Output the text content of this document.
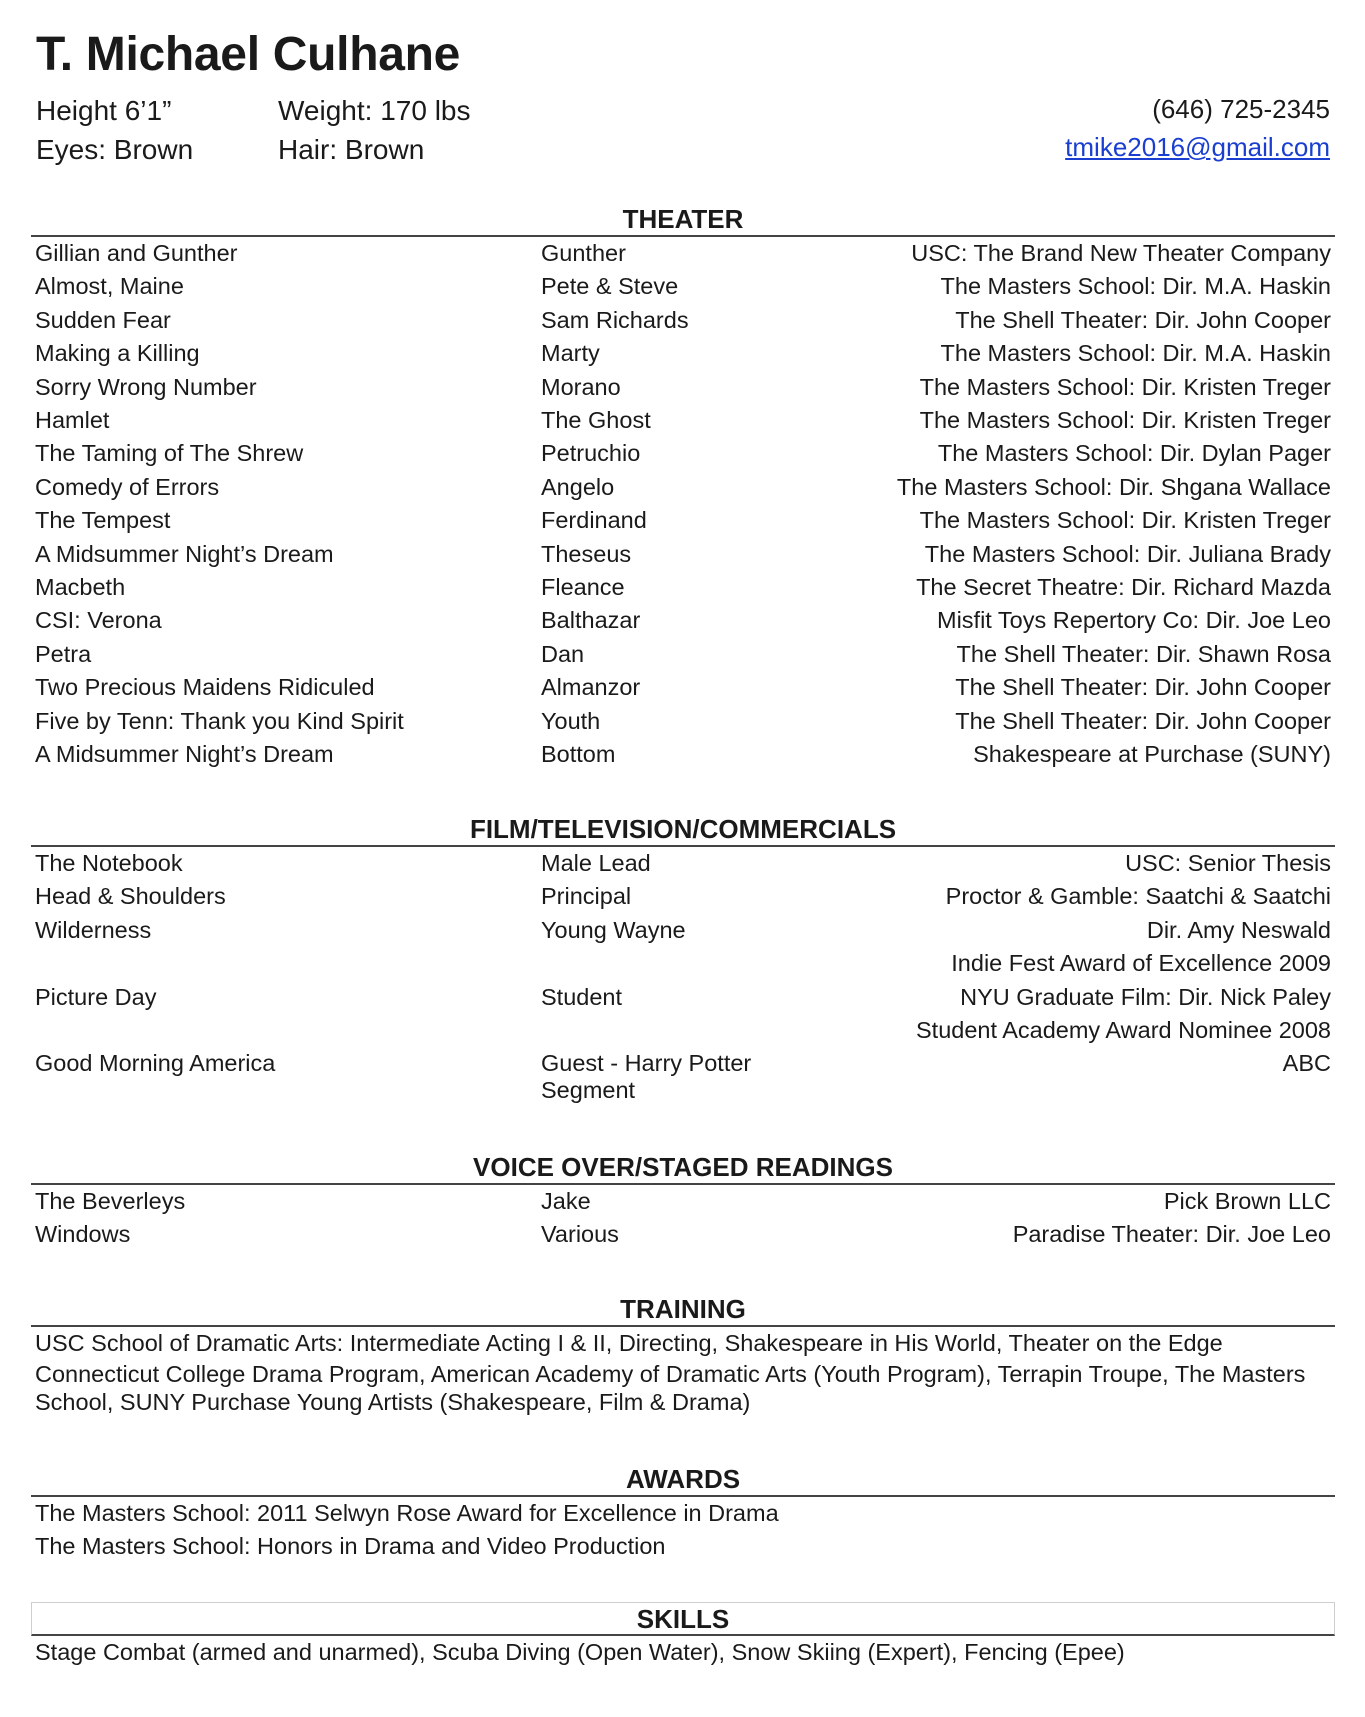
T. Michael Culhane
Height 6’1”	Weight: 170 lbs
Eyes: Brown	Hair: Brown
(646) 725-2345
tmike2016@gmail.com
THEATER
Gillian and Gunther	Gunther	USC: The Brand New Theater Company
Almost, Maine	Pete & Steve	The Masters School: Dir. M.A. Haskin
Sudden Fear	Sam Richards	The Shell Theater: Dir. John Cooper
Making a Killing	Marty	The Masters School: Dir. M.A. Haskin
Sorry Wrong Number	Morano	The Masters School: Dir. Kristen Treger
Hamlet	The Ghost	The Masters School: Dir. Kristen Treger
The Taming of The Shrew	Petruchio	The Masters School: Dir. Dylan Pager
Comedy of Errors	Angelo	The Masters School: Dir. Shgana Wallace
The Tempest	Ferdinand	The Masters School: Dir. Kristen Treger
A Midsummer Night’s Dream	Theseus	The Masters School: Dir. Juliana Brady
Macbeth	Fleance	The Secret Theatre: Dir. Richard Mazda
CSI: Verona	Balthazar	Misfit Toys Repertory Co: Dir. Joe Leo
Petra	Dan	The Shell Theater: Dir. Shawn Rosa
Two Precious Maidens Ridiculed	Almanzor	The Shell Theater: Dir. John Cooper
Five by Tenn: Thank you Kind Spirit	Youth	The Shell Theater: Dir. John Cooper
A Midsummer Night’s Dream	Bottom	Shakespeare at Purchase (SUNY)
FILM/TELEVISION/COMMERCIALS
The Notebook	Male Lead	USC: Senior Thesis
Head & Shoulders	Principal	Proctor & Gamble: Saatchi & Saatchi
Wilderness	Young Wayne	Dir. Amy Neswald
		Indie Fest Award of Excellence 2009
Picture Day	Student	NYU Graduate Film: Dir. Nick Paley
		Student Academy Award Nominee 2008
Good Morning America	Guest - Harry Potter Segment	ABC
VOICE OVER/STAGED READINGS
The Beverleys	Jake	Pick Brown LLC
Windows	Various	Paradise Theater: Dir. Joe Leo
TRAINING
USC School of Dramatic Arts: Intermediate Acting I & II, Directing, Shakespeare in His World, Theater on the Edge
Connecticut College Drama Program, American Academy of Dramatic Arts (Youth Program), Terrapin Troupe, The Masters School, SUNY Purchase Young Artists (Shakespeare, Film & Drama)
AWARDS
The Masters School: 2011 Selwyn Rose Award for Excellence in Drama
The Masters School: Honors in Drama and Video Production
SKILLS
Stage Combat (armed and unarmed), Scuba Diving (Open Water), Snow Skiing (Expert), Fencing (Epee)
